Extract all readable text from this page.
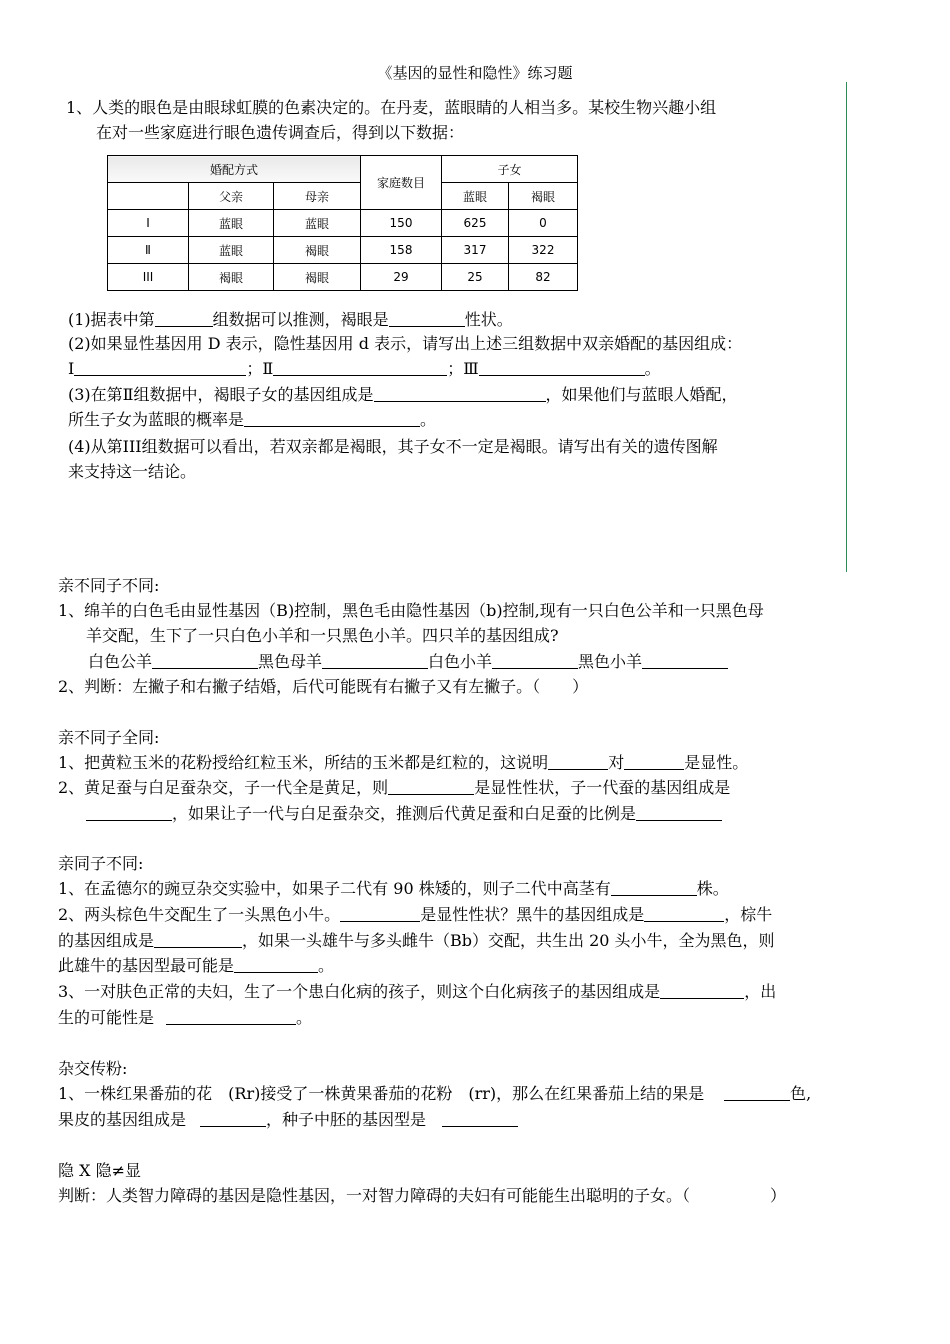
《基因的显性和隐性》练习题
1、人类的眼色是由眼球虹膜的色素决定的。在丹麦，蓝眼睛的人相当多。某校生物兴趣小组
在对一些家庭进行眼色遗传调查后，得到以下数据：
婚配方式			家庭数目	子女	
	父亲	母亲		蓝眼	褐眼
Ⅰ	蓝眼	蓝眼	150	625	0
Ⅱ	蓝眼	褐眼	158	317	322
III	褐眼	褐眼	29	25	82
(1)据表中第	组数据可以推测，褐眼是	性状。
(2)如果显性基因用 D 表示，隐性基因用 d 表示，请写出上述三组数据中双亲婚配的基因组成：
Ⅰ	；Ⅱ	；Ⅲ	。
(3)在第Ⅱ组数据中，褐眼子女的基因组成是	，如果他们与蓝眼人婚配，
所生子女为蓝眼的概率是	。
(4)从第III组数据可以看出，若双亲都是褐眼，其子女不一定是褐眼。请写出有关的遗传图解
来支持这一结论。
亲不同子不同:
1、绵羊的白色毛由显性基因（B)控制，黑色毛由隐性基因（b)控制,现有一只白色公羊和一只黑色母
羊交配，生下了一只白色小羊和一只黑色小羊。四只羊的基因组成?
白色公羊	黑色母羊	白色小羊	黑色小羊
2、判断：左撇子和右撇子结婚，后代可能既有右撇子又有左撇子。（　　）
亲不同子全同:
1、把黄粒玉米的花粉授给红粒玉米，所结的玉米都是红粒的，这说明	对	是显性。
2、黄足蚕与白足蚕杂交，子一代全是黄足，则	是显性性状，子一代蚕的基因组成是
，如果让子一代与白足蚕杂交，推测后代黄足蚕和白足蚕的比例是
亲同子不同:
1、在孟德尔的豌豆杂交实验中，如果子二代有 90 株矮的，则子二代中高茎有	株。
2、两头棕色牛交配生了一头黑色小牛。	是显性性状？黑牛的基因组成是	，棕牛
的基因组成是	，如果一头雄牛与多头雌牛（Bb）交配，共生出 20 头小牛，全为黑色，则
此雄牛的基因型最可能是	。
3、一对肤色正常的夫妇，生了一个患白化病的孩子，则这个白化病孩子的基因组成是	，出
生的可能性是	。
杂交传粉:
1、一株红果番茄的花　(Rr)接受了一株黄果番茄的花粉　(rr)，那么在红果番茄上结的果是	色,
果皮的基因组成是	，种子中胚的基因型是
隐 X 隐≠显
判断：人类智力障碍的基因是隐性基因，一对智力障碍的夫妇有可能能生出聪明的子女。（　　　　　）
